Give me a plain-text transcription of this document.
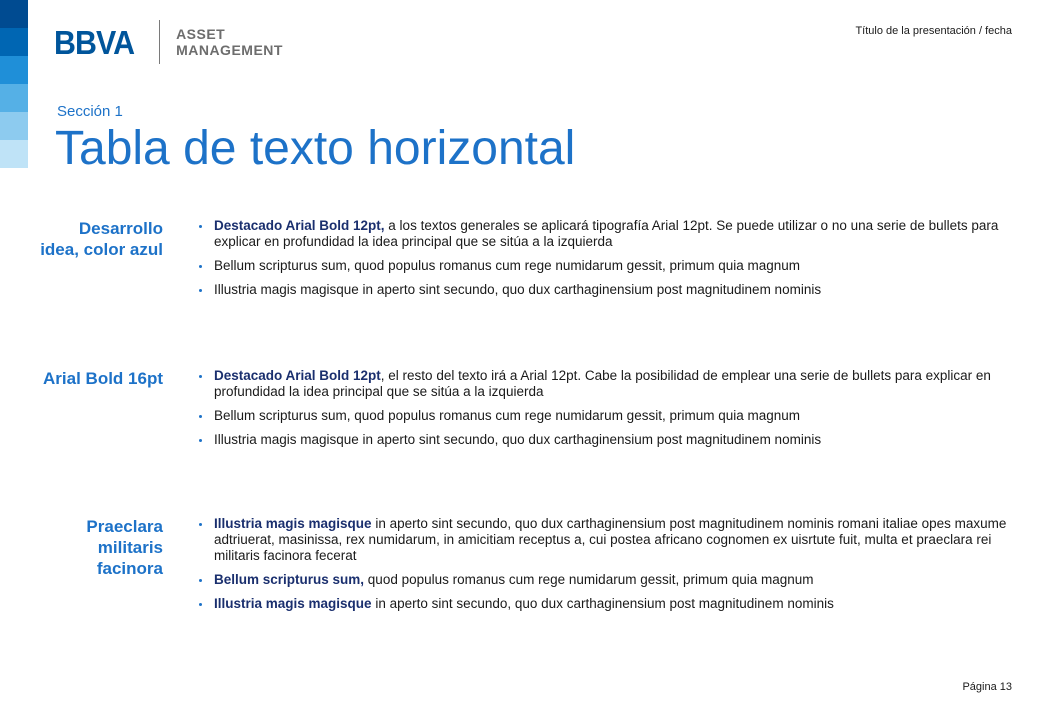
BBVA	ASSET
MANAGEMENT
Título de la presentación / fecha
Sección 1
Tabla de texto horizontal
Desarrollo idea, color azul
Destacado Arial Bold 12pt, a los textos generales se aplicará tipografía Arial 12pt. Se puede utilizar o no una serie de bullets para explicar en profundidad la idea principal que se sitúa a la izquierda
Bellum scripturus sum, quod populus romanus cum rege numidarum gessit, primum quia magnum
Illustria magis magisque in aperto sint secundo, quo dux carthaginensium post magnitudinem nominis
Arial Bold 16pt	Destacado Arial Bold 12pt, el resto del texto irá a Arial 12pt. Cabe la posibilidad de emplear una serie de bullets para explicar en profundidad la idea principal que se sitúa a la izquierda
Bellum scripturus sum, quod populus romanus cum rege numidarum gessit, primum quia magnum
Illustria magis magisque in aperto sint secundo, quo dux carthaginensium post magnitudinem nominis
Praeclara militaris facinora
Illustria magis magisque in aperto sint secundo, quo dux carthaginensium post magnitudinem nominis romani italiae opes maxume adtriuerat, masinissa, rex numidarum, in amicitiam receptus a, cui postea africano cognomen ex uisrtute fuit, multa et praeclara rei militaris facinora fecerat
Bellum scripturus sum, quod populus romanus cum rege numidarum gessit, primum quia magnum
Illustria magis magisque in aperto sint secundo, quo dux carthaginensium post magnitudinem nominis
Página 13
